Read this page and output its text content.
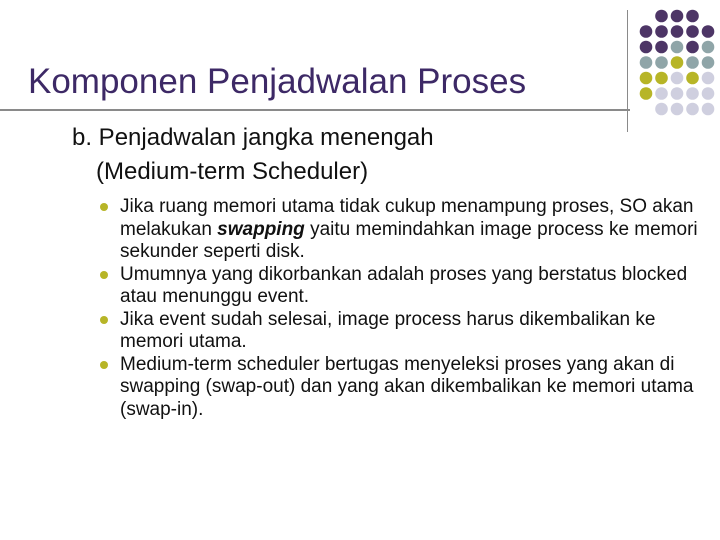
Komponen Penjadwalan Proses
b. Penjadwalan jangka menengah
(Medium-term Scheduler)
Jika ruang memori utama tidak cukup menampung proses, SO akan melakukan swapping yaitu memindahkan image process ke memori sekunder seperti disk.
Umumnya yang dikorbankan adalah proses yang berstatus blocked atau menunggu event.
Jika event sudah selesai, image process harus dikembalikan ke memori utama.
Medium-term scheduler bertugas menyeleksi proses yang akan di swapping (swap-out) dan yang akan dikembalikan ke memori utama (swap-in).
